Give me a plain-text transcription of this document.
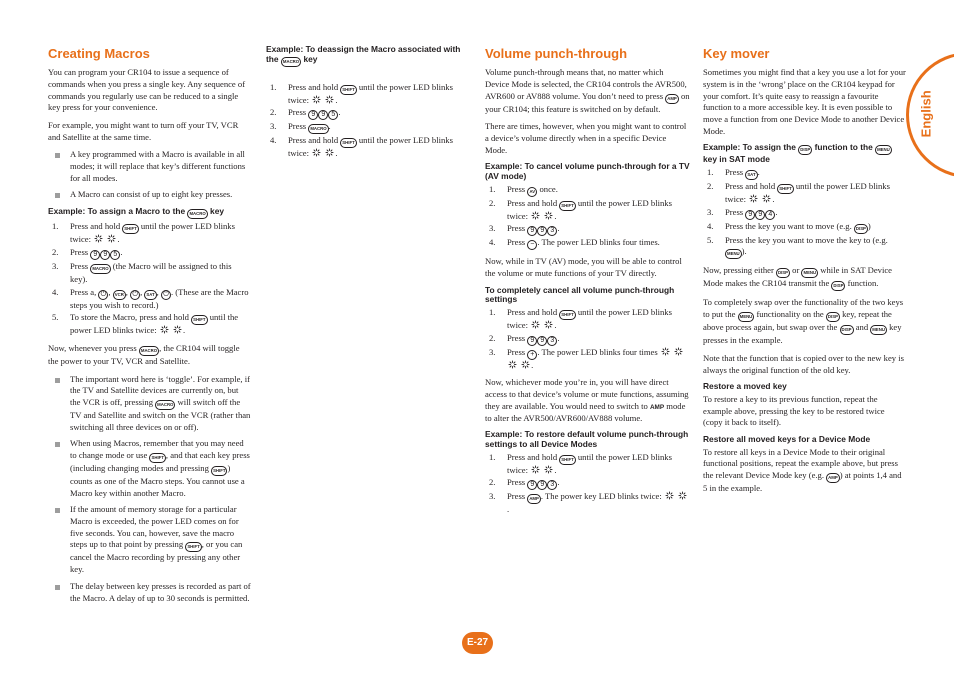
English
Creating Macros

You can program your CR104 to issue a sequence of commands when you press a single key. Any sequence of commands you regularly use can be reduced to a single key press for your convenience.

For example, you might want to turn off your TV, VCR and Satellite at the same time.

A key programmed with a Macro is available in all modes; it will replace that key’s different functions for all modes.
A Macro can consist of up to eight key presses.
Example: To assign a Macro to the MACRO key
1. Press and hold SHIFT until the power LED blinks twice:	.
2. Press 9 9 5 .
3. Press MACRO (the Macro will be assigned to this key).
4. Press a, ⏻ , VCR , ⏻ , SAT , ⏻ . (These are the Macro steps you wish to record.)
5. To store the Macro, press and hold SHIFT until the power LED blinks twice:	.

Now, whenever you press MACRO , the CR104 will toggle the power to your TV, VCR and Satellite.

The important word here is ‘toggle’. For example, if the TV and Satellite devices are currently on, but the VCR is off, pressing MACRO will switch off the TV and Satellite and switch on the VCR (rather than switching all three devices on or off).
When using Macros, remember that you may need to change mode or use SHIFT , and that each key press (including changing modes and pressing SHIFT ) counts as one of the Macro steps. You cannot use a Macro key within another Macro.
If the amount of memory storage for a particular Macro is exceeded, the power LED comes on for five seconds. You can, however, save the macro steps up to that point by pressing SHIFT , or you can cancel the Macro recording by pressing any other key.
The delay between key presses is recorded as part of the Macro. A delay of up to 30 seconds is permitted.
Example: To deassign the Macro associated with the MACRO key
1. Press and hold SHIFT until the power LED blinks twice:	.
2. Press 9 9 5 .
3. Press MACRO .
4. Press and hold SHIFT until the power LED blinks twice:	.
Volume punch-through

Volume punch-through means that, no matter which Device Mode is selected, the CR104 controls the AVR500, AVR600 or AV888 volume. You don’t need to press AMP on your CR104; this feature is switched on by default.

There are times, however, when you might want to control a device’s volume directly when in a specific Device Mode.

Example: To cancel volume punch-through for a TV (AV mode)
1. Press AV once.
2. Press and hold SHIFT until the power LED blinks twice:	.
3. Press 9 9 3 .
4. Press − . The power LED blinks four times.

Now, while in TV (AV) mode, you will be able to control the volume or mute functions of your TV directly.

To completely cancel all volume punch-through settings
1. Press and hold SHIFT until the power LED blinks twice:	.
2. Press 9 9 3 .
3. Press + . The power LED blinks four times    .

Now, whichever mode you’re in, you will have direct access to that device’s volume or mute functions, assuming they are available. You would need to switch to AMP mode to alter the AVR500/AVR600/AV888 volume.

Example: To restore default volume punch-through settings to all Device Modes
1. Press and hold SHIFT until the power LED blinks twice:	.
2. Press 9 9 3 .
3. Press AMP . The power key LED blinks twice:  .
Key mover

Sometimes you might find that a key you use a lot for your system is in the ‘wrong’ place on the CR104 keypad for your comfort. It’s quite easy to reassign a favourite function to a more accessible key. It is even possible to move a function from one Device Mode to another Device Mode.

Example: To assign the DISP function to the MENU key in SAT mode
1. Press SAT .
2. Press and hold SHIFT until the power LED blinks twice:	.
3. Press 9 9 4 .
4. Press the key you want to move (e.g. DISP )
5. Press the key you want to move the key to (e.g. MENU ).

Now, pressing either DISP or MENU while in SAT Device Mode makes the CR104 transmit the DISP function.

To completely swap over the functionality of the two keys to put the MENU functionality on the DISP key, repeat the above process again, but swap over the DISP and MENU key presses in the example.

Note that the function that is copied over to the new key is always the original function of the old key.

Restore a moved key

To restore a key to its previous function, repeat the example above, pressing the key to be restored twice (copy it back to itself).

Restore all moved keys for a Device Mode

To restore all keys in a Device Mode to their original functional positions, repeat the example above, but press the relevant Device Mode key (e.g. AMP ) at points 1,4 and 5 in the example.

E-27
